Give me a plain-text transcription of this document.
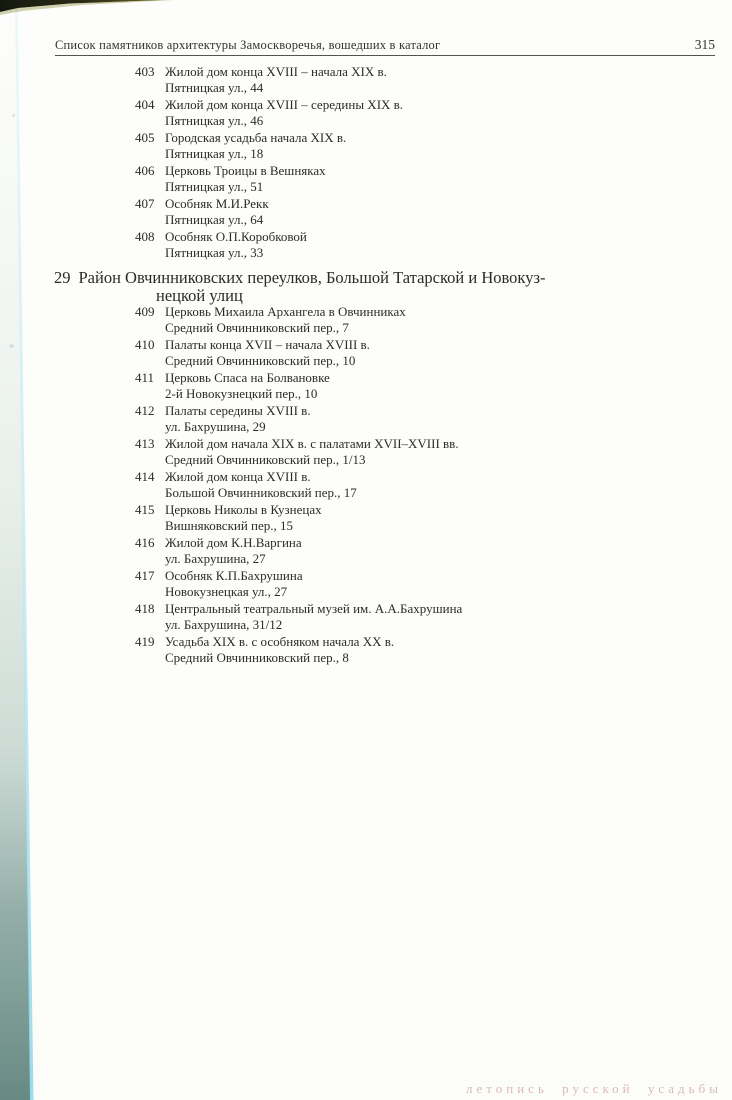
Список памятников архитектуры Замоскворечья, вошедших в каталог	315
403 Жилой дом конца XVIII – начала XIX в.
Пятницкая ул., 44
404 Жилой дом конца XVIII – середины XIX в.
Пятницкая ул., 46
405 Городская усадьба начала XIX в.
Пятницкая ул., 18
406 Церковь Троицы в Вешняках
Пятницкая ул., 51
407 Особняк М.И.Рекк
Пятницкая ул., 64
408 Особняк О.П.Коробковой
Пятницкая ул., 33
29 Район Овчинниковских переулков, Большой Татарской и Новокуз-
нецкой улиц
409 Церковь Михаила Архангела в Овчинниках
Средний Овчинниковский пер., 7
410 Палаты конца XVII – начала XVIII в.
Средний Овчинниковский пер., 10
411 Церковь Спаса на Болвановке
2-й Новокузнецкий пер., 10
412 Палаты середины XVIII в.
ул. Бахрушина, 29
413 Жилой дом начала XIX в. с палатами XVII–XVIII вв.
Средний Овчинниковский пер., 1/13
414 Жилой дом конца XVIII в.
Большой Овчинниковский пер., 17
415 Церковь Николы в Кузнецах
Вишняковский пер., 15
416 Жилой дом К.Н.Варгина
ул. Бахрушина, 27
417 Особняк К.П.Бахрушина
Новокузнецкая ул., 27
418 Центральный театральный музей им. А.А.Бахрушина
ул. Бахрушина, 31/12
419 Усадьба XIX в. с особняком начала XX в.
Средний Овчинниковский пер., 8
летопись русской усадьбы
